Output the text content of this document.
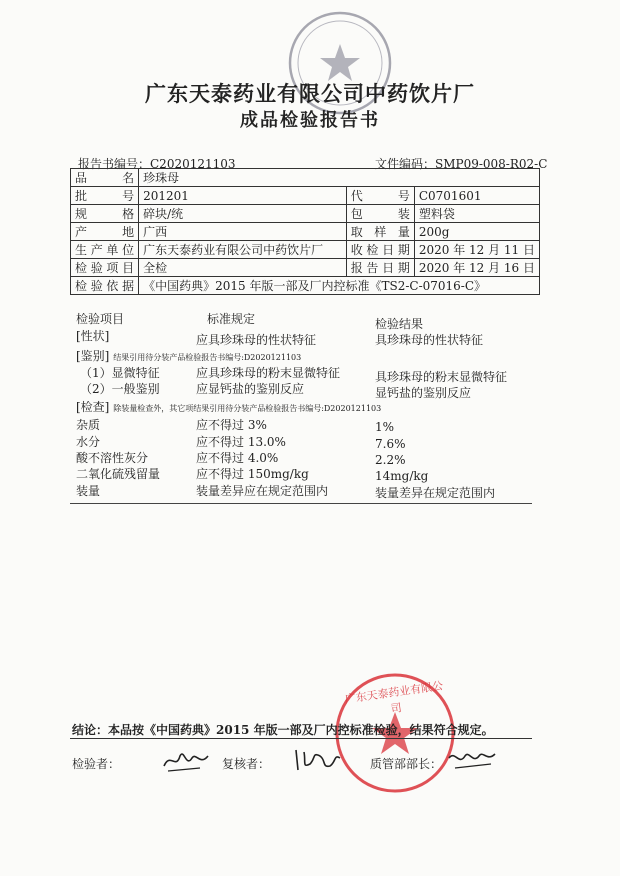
广东天泰药业有限公司中药饮片厂
成品检验报告书
报告书编号：C2020121103	文件编码：SMP09-008-R02-C
品　名	珍珠母		
批　号	201201	代　号	C0701601
规　格	碎块/统	包　装	塑料袋
产　地	广西	取 样 量	200g
生产单位	广东天泰药业有限公司中药饮片厂	收检日期	2020 年 12 月 11 日
检验项目	全检	报告日期	2020 年 12 月 16 日
检验依据	《中国药典》2015 年版一部及厂内控标准《TS2-C-07016-C》		
检验项目	标准规定	检验结果
[性状]	应具珍珠母的性状特征	具珍珠母的性状特征
[鉴别] 结果引用待分装产品检验报告书编号:D2020121103
（1）显微特征	应具珍珠母的粉末显微特征	具珍珠母的粉末显微特征
（2）一般鉴别	应显钙盐的鉴别反应	显钙盐的鉴别反应
[检查] 除装量检查外，其它项结果引用待分装产品检验报告书编号:D2020121103
杂质	应不得过 3%	1%
水分	应不得过 13.0%	7.6%
酸不溶性灰分	应不得过 4.0%	2.2%
二氧化硫残留量	应不得过 150mg/kg	14mg/kg
装量	装量差异应在规定范围内	装量差异在规定范围内
广东天泰药业有限公司
结论：本品按《中国药典》2015 年版一部及厂内控标准检验，结果符合规定。
检验者：	复核者：	质管部部长：
